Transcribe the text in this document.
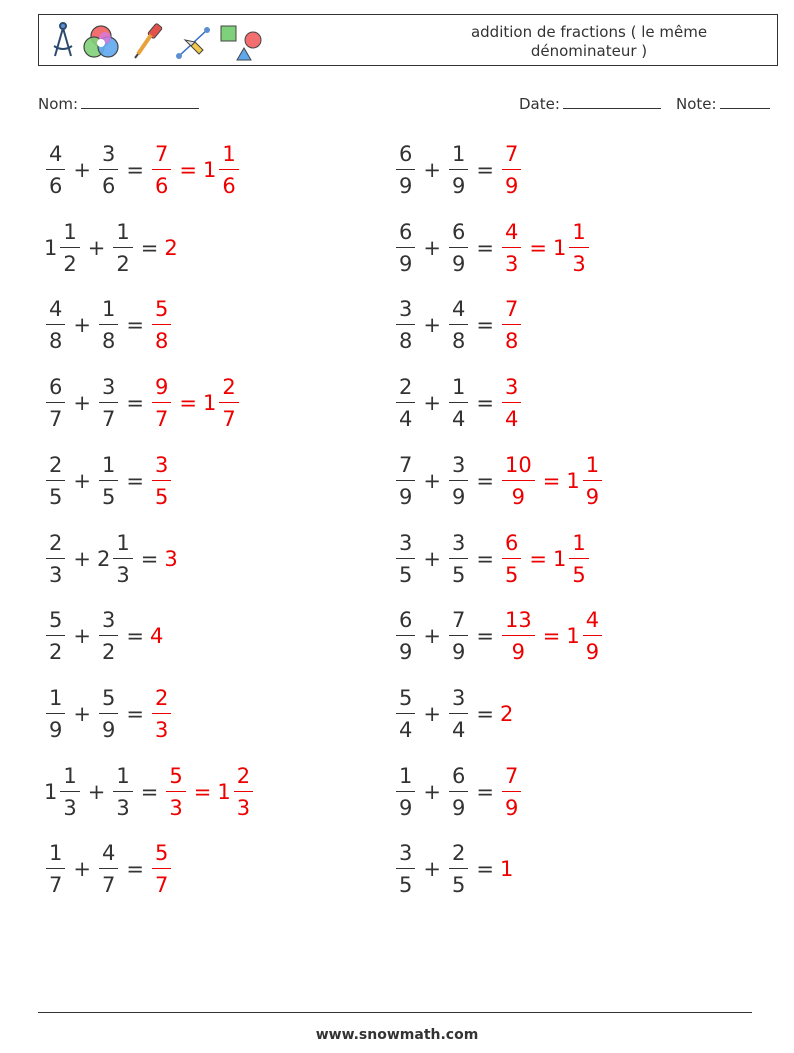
addition de fractions ( le même
dénominateur )
Nom:	Date:	Note:
$\frac{4}{6} + \frac{3}{6} = \frac{7}{6} = 1 \frac{1}{6}$	$\frac{6}{9} + \frac{1}{9} = \frac{7}{9}$
$1 \frac{1}{2} + \frac{1}{2} = 2$	$\frac{6}{9} + \frac{6}{9} = \frac{4}{3} = 1 \frac{1}{3}$
$\frac{4}{8} + \frac{1}{8} = \frac{5}{8}$	$\frac{3}{8} + \frac{4}{8} = \frac{7}{8}$
$\frac{6}{7} + \frac{3}{7} = \frac{9}{7} = 1 \frac{2}{7}$	$\frac{2}{4} + \frac{1}{4} = \frac{3}{4}$
$\frac{2}{5} + \frac{1}{5} = \frac{3}{5}$	$\frac{7}{9} + \frac{3}{9} = \frac{10}{9} = 1 \frac{1}{9}$
$\frac{2}{3} + 2 \frac{1}{3} = 3$	$\frac{3}{5} + \frac{3}{5} = \frac{6}{5} = 1 \frac{1}{5}$
$\frac{5}{2} + \frac{3}{2} = 4$	$\frac{6}{9} + \frac{7}{9} = \frac{13}{9} = 1 \frac{4}{9}$
$\frac{1}{9} + \frac{5}{9} = \frac{2}{3}$	$\frac{5}{4} + \frac{3}{4} = 2$
$1 \frac{1}{3} + \frac{1}{3} = \frac{5}{3} = 1 \frac{2}{3}$	$\frac{1}{9} + \frac{6}{9} = \frac{7}{9}$
$\frac{1}{7} + \frac{4}{7} = \frac{5}{7}$	$\frac{3}{5} + \frac{2}{5} = 1$
www.snowmath.com
